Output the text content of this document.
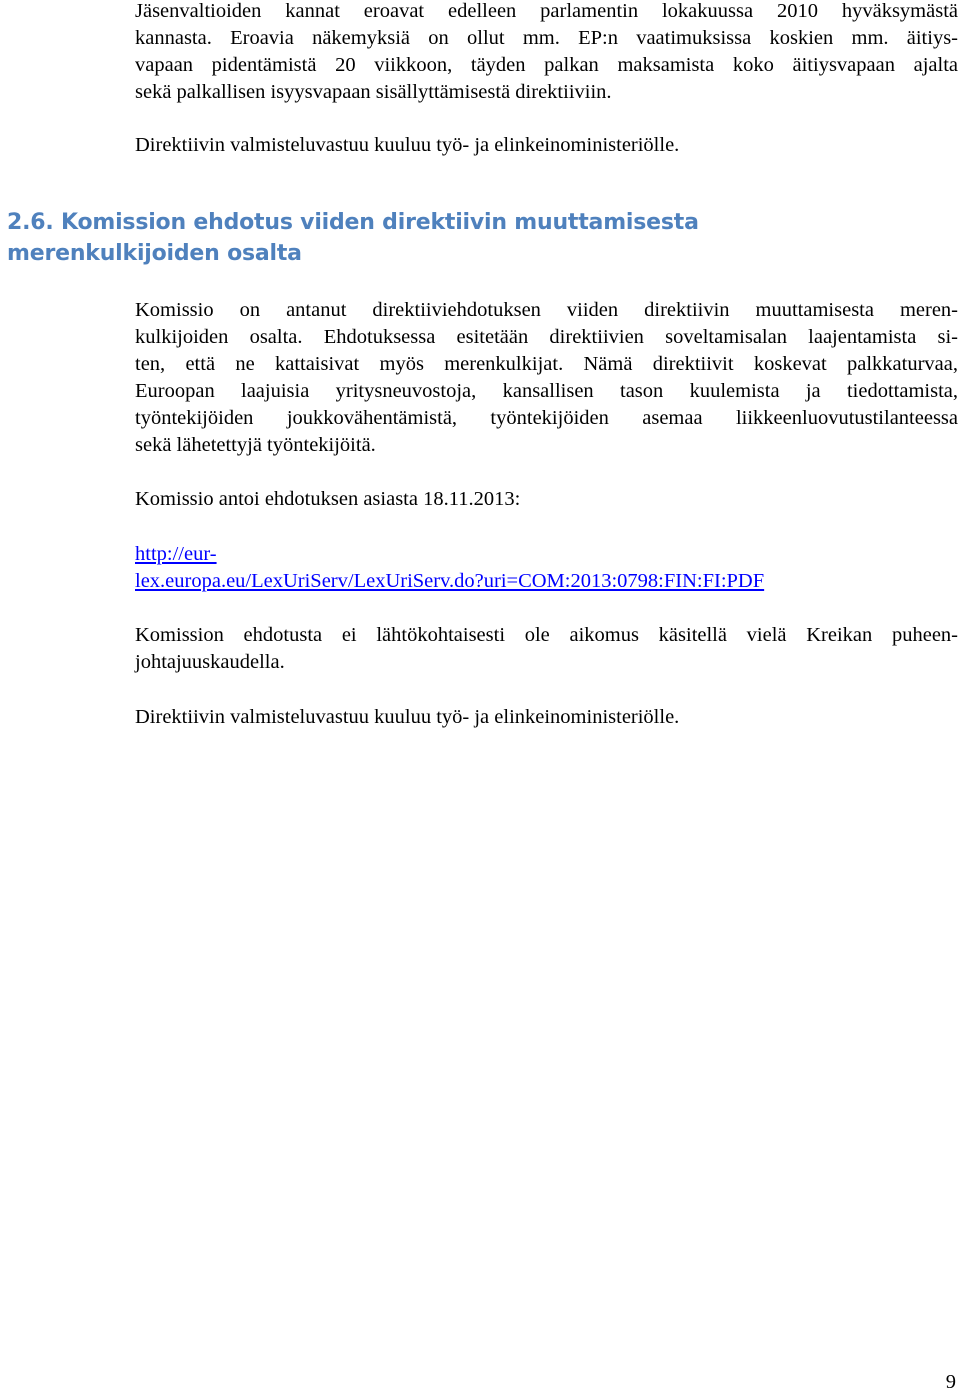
Jäsenvaltioiden kannat eroavat edelleen parlamentin lokakuussa 2010 hyväksymästä
kannasta. Eroavia näkemyksiä on ollut mm. EP:n vaatimuksissa koskien mm. äitiys-
vapaan pidentämistä 20 viikkoon, täyden palkan maksamista koko äitiysvapaan ajalta
sekä palkallisen isyysvapaan sisällyttämisestä direktiiviin.
Direktiivin valmisteluvastuu kuuluu työ- ja elinkeinoministeriölle.
2.6. Komission ehdotus viiden direktiivin muuttamisesta
merenkulkijoiden osalta
Komissio on antanut direktiiviehdotuksen viiden direktiivin muuttamisesta meren-
kulkijoiden osalta. Ehdotuksessa esitetään direktiivien soveltamisalan laajentamista si-
ten, että ne kattaisivat myös merenkulkijat. Nämä direktiivit koskevat palkkaturvaa,
Euroopan laajuisia yritysneuvostoja, kansallisen tason kuulemista ja tiedottamista,
työntekijöiden joukkovähentämistä, työntekijöiden asemaa liikkeenluovutustilanteessa
sekä lähetettyjä työntekijöitä.
Komissio antoi ehdotuksen asiasta 18.11.2013:
http://eur-
lex.europa.eu/LexUriServ/LexUriServ.do?uri=COM:2013:0798:FIN:FI:PDF
Komission ehdotusta ei lähtökohtaisesti ole aikomus käsitellä vielä Kreikan puheen-
johtajuuskaudella.
Direktiivin valmisteluvastuu kuuluu työ- ja elinkeinoministeriölle.
9
